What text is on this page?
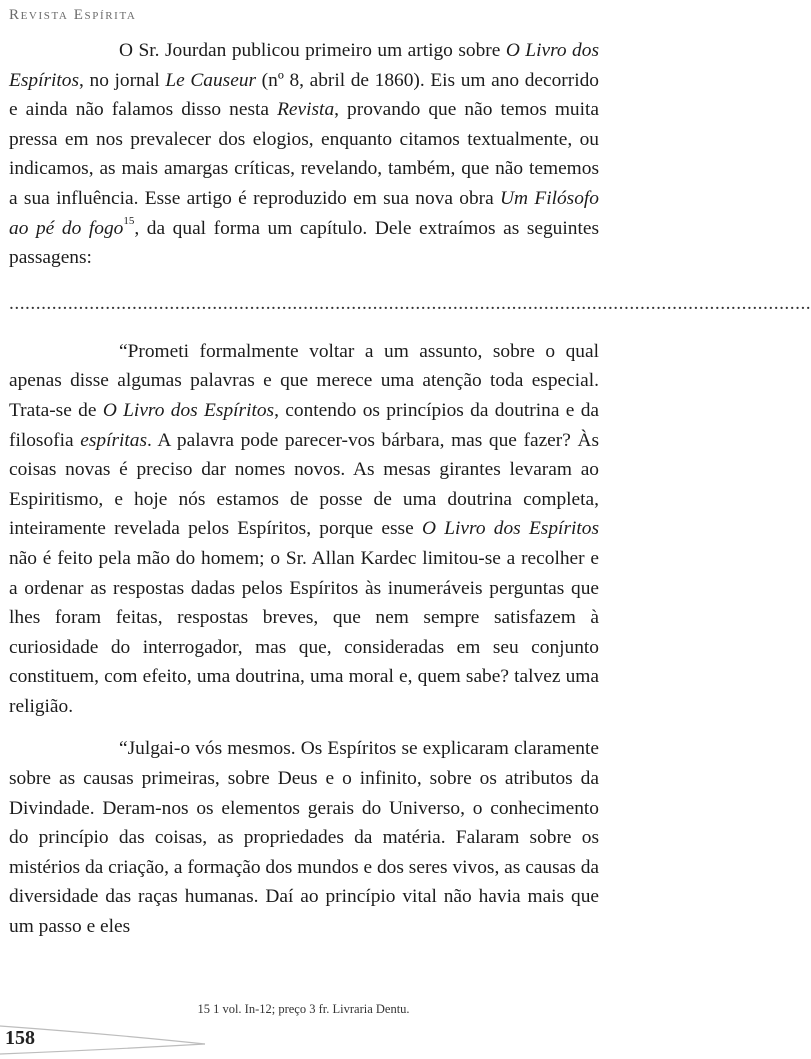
Revista Espírita

O Sr. Jourdan publicou primeiro um artigo sobre O Livro dos Espíritos, no jornal Le Causeur (nº 8, abril de 1860). Eis um ano decorrido e ainda não falamos disso nesta Revista, provando que não temos muita pressa em nos prevalecer dos elogios, enquanto citamos textualmente, ou indicamos, as mais amargas críticas, revelando, também, que não tememos a sua influência. Esse artigo é reproduzido em sua nova obra Um Filósofo ao pé do fogo$^{15}$, da qual forma um capítulo. Dele extraímos as seguintes passagens:

......................................................................................................................................................

“Prometi formalmente voltar a um assunto, sobre o qual apenas disse algumas palavras e que merece uma atenção toda especial. Trata-se de O Livro dos Espíritos, contendo os princípios da doutrina e da filosofia espíritas. A palavra pode parecer-vos bárbara, mas que fazer? Às coisas novas é preciso dar nomes novos. As mesas girantes levaram ao Espiritismo, e hoje nós estamos de posse de uma doutrina completa, inteiramente revelada pelos Espíritos, porque esse O Livro dos Espíritos não é feito pela mão do homem; o Sr. Allan Kardec limitou-se a recolher e a ordenar as respostas dadas pelos Espíritos às inumeráveis perguntas que lhes foram feitas, respostas breves, que nem sempre satisfazem à curiosidade do interrogador, mas que, consideradas em seu conjunto constituem, com efeito, uma doutrina, uma moral e, quem sabe? talvez uma religião.

“Julgai-o vós mesmos. Os Espíritos se explicaram claramente sobre as causas primeiras, sobre Deus e o infinito, sobre os atributos da Divindade. Deram-nos os elementos gerais do Universo, o conhecimento do princípio das coisas, as propriedades da matéria. Falaram sobre os mistérios da criação, a formação dos mundos e dos seres vivos, as causas da diversidade das raças humanas. Daí ao princípio vital não havia mais que um passo e eles

15 1 vol. In-12; preço 3 fr. Livraria Dentu.
158
